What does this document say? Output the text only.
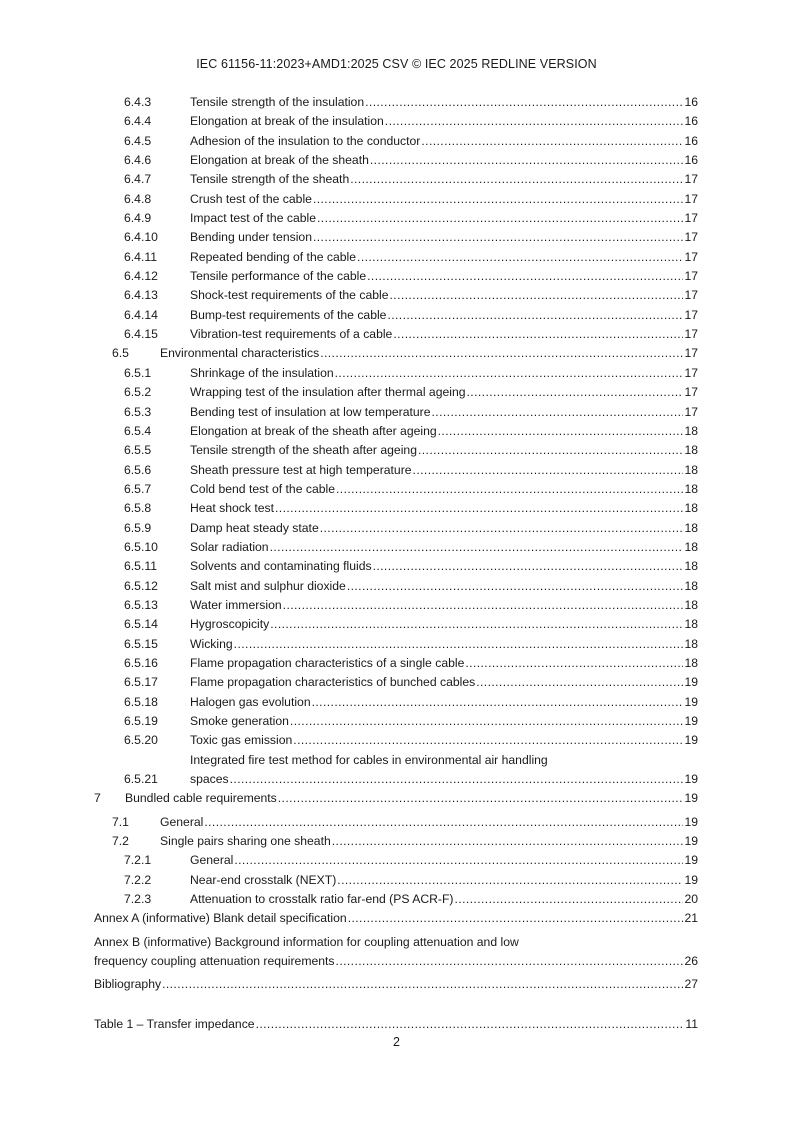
IEC 61156-11:2023+AMD1:2025 CSV © IEC 2025 REDLINE VERSION
6.4.3	Tensile strength of the insulation .....	16
6.4.4	Elongation at break of the insulation .....	16
6.4.5	Adhesion of the insulation to the conductor .....	16
6.4.6	Elongation at break of the sheath .....	16
6.4.7	Tensile strength of the sheath .....	17
6.4.8	Crush test of the cable .....	17
6.4.9	Impact test of the cable .....	17
6.4.10	Bending under tension .....	17
6.4.11	Repeated bending of the cable .....	17
6.4.12	Tensile performance of the cable .....	17
6.4.13	Shock-test requirements of the cable .....	17
6.4.14	Bump-test requirements of the cable .....	17
6.4.15	Vibration-test requirements of a cable .....	17
6.5	Environmental characteristics .....	17
6.5.1	Shrinkage of the insulation .....	17
6.5.2	Wrapping test of the insulation after thermal ageing .....	17
6.5.3	Bending test of insulation at low temperature .....	17
6.5.4	Elongation at break of the sheath after ageing .....	18
6.5.5	Tensile strength of the sheath after ageing .....	18
6.5.6	Sheath pressure test at high temperature .....	18
6.5.7	Cold bend test of the cable .....	18
6.5.8	Heat shock test .....	18
6.5.9	Damp heat steady state .....	18
6.5.10	Solar radiation .....	18
6.5.11	Solvents and contaminating fluids .....	18
6.5.12	Salt mist and sulphur dioxide .....	18
6.5.13	Water immersion .....	18
6.5.14	Hygroscopicity .....	18
6.5.15	Wicking .....	18
6.5.16	Flame propagation characteristics of a single cable .....	18
6.5.17	Flame propagation characteristics of bunched cables .....	19
6.5.18	Halogen gas evolution .....	19
6.5.19	Smoke generation .....	19
6.5.20	Toxic gas emission .....	19
6.5.21
Integrated fire test method for cables in environmental air handling
spaces .....	19
7	Bundled cable requirements .....	19
7.1	General .....	19
7.2	Single pairs sharing one sheath .....	19
7.2.1	General .....	19
7.2.2	Near-end crosstalk (NEXT) .....	19
7.2.3	Attenuation to crosstalk ratio far-end (PS ACR-F) .....	20
Annex A (informative) Blank detail specification .....	21
Annex B (informative) Background information for coupling attenuation and low
frequency coupling attenuation requirements .....	26
Bibliography .....	27
Table 1 – Transfer impedance .....	11
2
